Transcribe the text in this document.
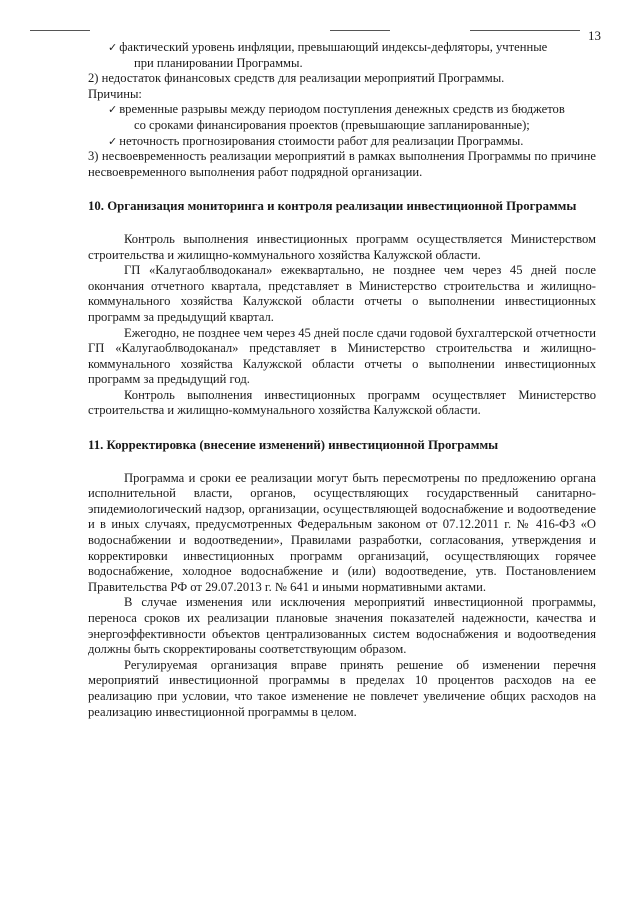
13

✓ фактический уровень инфляции, превышающий индексы-дефляторы, учтенные

при планировании Программы.

2) недостаток финансовых средств для реализации мероприятий Программы.

Причины:

✓ временные разрывы между периодом поступления денежных средств из бюджетов

со сроками финансирования проектов (превышающие запланированные);

✓ неточность прогнозирования стоимости работ для реализации Программы.

3) несвоевременность реализации мероприятий в рамках выполнения Программы по причине несвоевременного выполнения работ подрядной организации.

10. Организация мониторинга и контроля реализации инвестиционной Программы

Контроль выполнения инвестиционных программ осуществляется Министерством строительства и жилищно-коммунального хозяйства Калужской области.

ГП «Калугаоблводоканал» ежеквартально, не позднее чем через 45 дней после окончания отчетного квартала, представляет в Министерство строительства и жилищно-коммунального хозяйства Калужской области отчеты о выполнении инвестиционных программ за предыдущий квартал.

Ежегодно, не позднее чем через 45 дней после сдачи годовой бухгалтерской отчетности ГП «Калугаоблводоканал» представляет в Министерство строительства и жилищно-коммунального хозяйства Калужской области отчеты о выполнении инвестиционных программ за предыдущий год.

Контроль выполнения инвестиционных программ осуществляет Министерство строительства и жилищно-коммунального хозяйства Калужской области.

11. Корректировка (внесение изменений) инвестиционной Программы

Программа и сроки ее реализации могут быть пересмотрены по предложению органа исполнительной власти, органов, осуществляющих государственный санитарно-эпидемиологический надзор, организации, осуществляющей водоснабжение и водоотведение и в иных случаях, предусмотренных Федеральным законом от 07.12.2011 г. № 416-ФЗ «О водоснабжении и водоотведении», Правилами разработки, согласования, утверждения и корректировки инвестиционных программ организаций, осуществляющих горячее водоснабжение, холодное водоснабжение и (или) водоотведение, утв. Постановлением Правительства РФ от 29.07.2013 г. № 641 и иными нормативными актами.

В случае изменения или исключения мероприятий инвестиционной программы, переноса сроков их реализации плановые значения показателей надежности, качества и энергоэффективности объектов централизованных систем водоснабжения и водоотведения должны быть скорректированы соответствующим образом.

Регулируемая организация вправе принять решение об изменении перечня мероприятий инвестиционной программы в пределах 10 процентов расходов на ее реализацию при условии, что такое изменение не повлечет увеличение общих расходов на реализацию инвестиционной программы в целом.
